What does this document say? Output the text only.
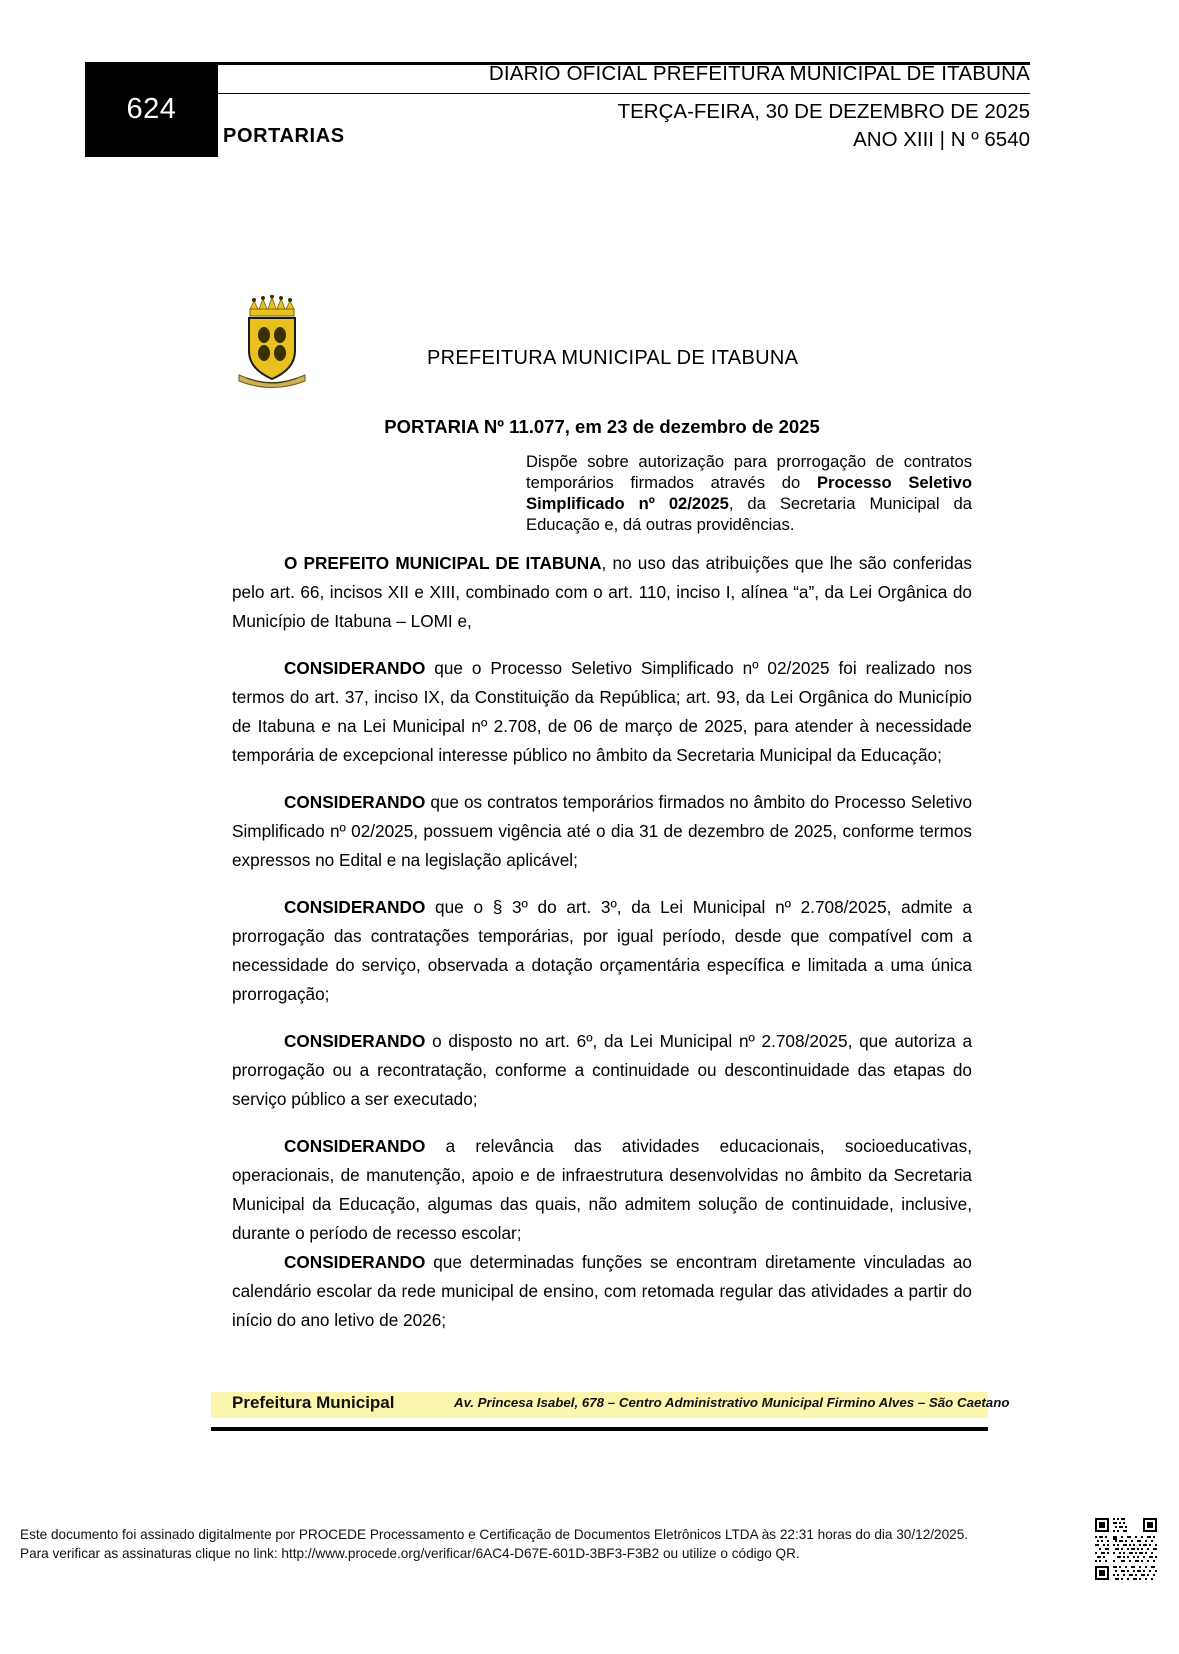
624
PORTARIAS
DIÁRIO OFICIAL PREFEITURA MUNICIPAL DE ITABUNA
TERÇA-FEIRA, 30 DE DEZEMBRO DE 2025
ANO XIII | N º 6540
PREFEITURA MUNICIPAL DE ITABUNA
PORTARIA Nº 11.077, em 23 de dezembro de 2025
Dispõe sobre autorização para prorrogação de contratos temporários firmados através do Processo Seletivo Simplificado nº 02/2025, da Secretaria Municipal da Educação e, dá outras providências.

O PREFEITO MUNICIPAL DE ITABUNA, no uso das atribuições que lhe são conferidas pelo art. 66, incisos XII e XIII, combinado com o art. 110, inciso I, alínea “a”, da Lei Orgânica do Município de Itabuna – LOMI e,

CONSIDERANDO que o Processo Seletivo Simplificado nº 02/2025 foi realizado nos termos do art. 37, inciso IX, da Constituição da República; art. 93, da Lei Orgânica do Município de Itabuna e na Lei Municipal nº 2.708, de 06 de março de 2025, para atender à necessidade temporária de excepcional interesse público no âmbito da Secretaria Municipal da Educação;

CONSIDERANDO que os contratos temporários firmados no âmbito do Processo Seletivo Simplificado nº 02/2025, possuem vigência até o dia 31 de dezembro de 2025, conforme termos expressos no Edital e na legislação aplicável;

CONSIDERANDO que o § 3º do art. 3º, da Lei Municipal nº 2.708/2025, admite a prorrogação das contratações temporárias, por igual período, desde que compatível com a necessidade do serviço, observada a dotação orçamentária específica e limitada a uma única prorrogação;

CONSIDERANDO o disposto no art. 6º, da Lei Municipal nº 2.708/2025, que autoriza a prorrogação ou a recontratação, conforme a continuidade ou descontinuidade das etapas do serviço público a ser executado;

CONSIDERANDO a relevância das atividades educacionais, socioeducativas, operacionais, de manutenção, apoio e de infraestrutura desenvolvidas no âmbito da Secretaria Municipal da Educação, algumas das quais, não admitem solução de continuidade, inclusive, durante o período de recesso escolar;

CONSIDERANDO que determinadas funções se encontram diretamente vinculadas ao calendário escolar da rede municipal de ensino, com retomada regular das atividades a partir do início do ano letivo de 2026;

Prefeitura Municipal	Av. Princesa Isabel, 678 – Centro Administrativo Municipal Firmino Alves – São Caetano
Este documento foi assinado digitalmente por PROCEDE Processamento e Certificação de Documentos Eletrônicos LTDA às 22:31 horas do dia 30/12/2025.
Para verificar as assinaturas clique no link: http://www.procede.org/verificar/6AC4-D67E-601D-3BF3-F3B2 ou utilize o código QR.
